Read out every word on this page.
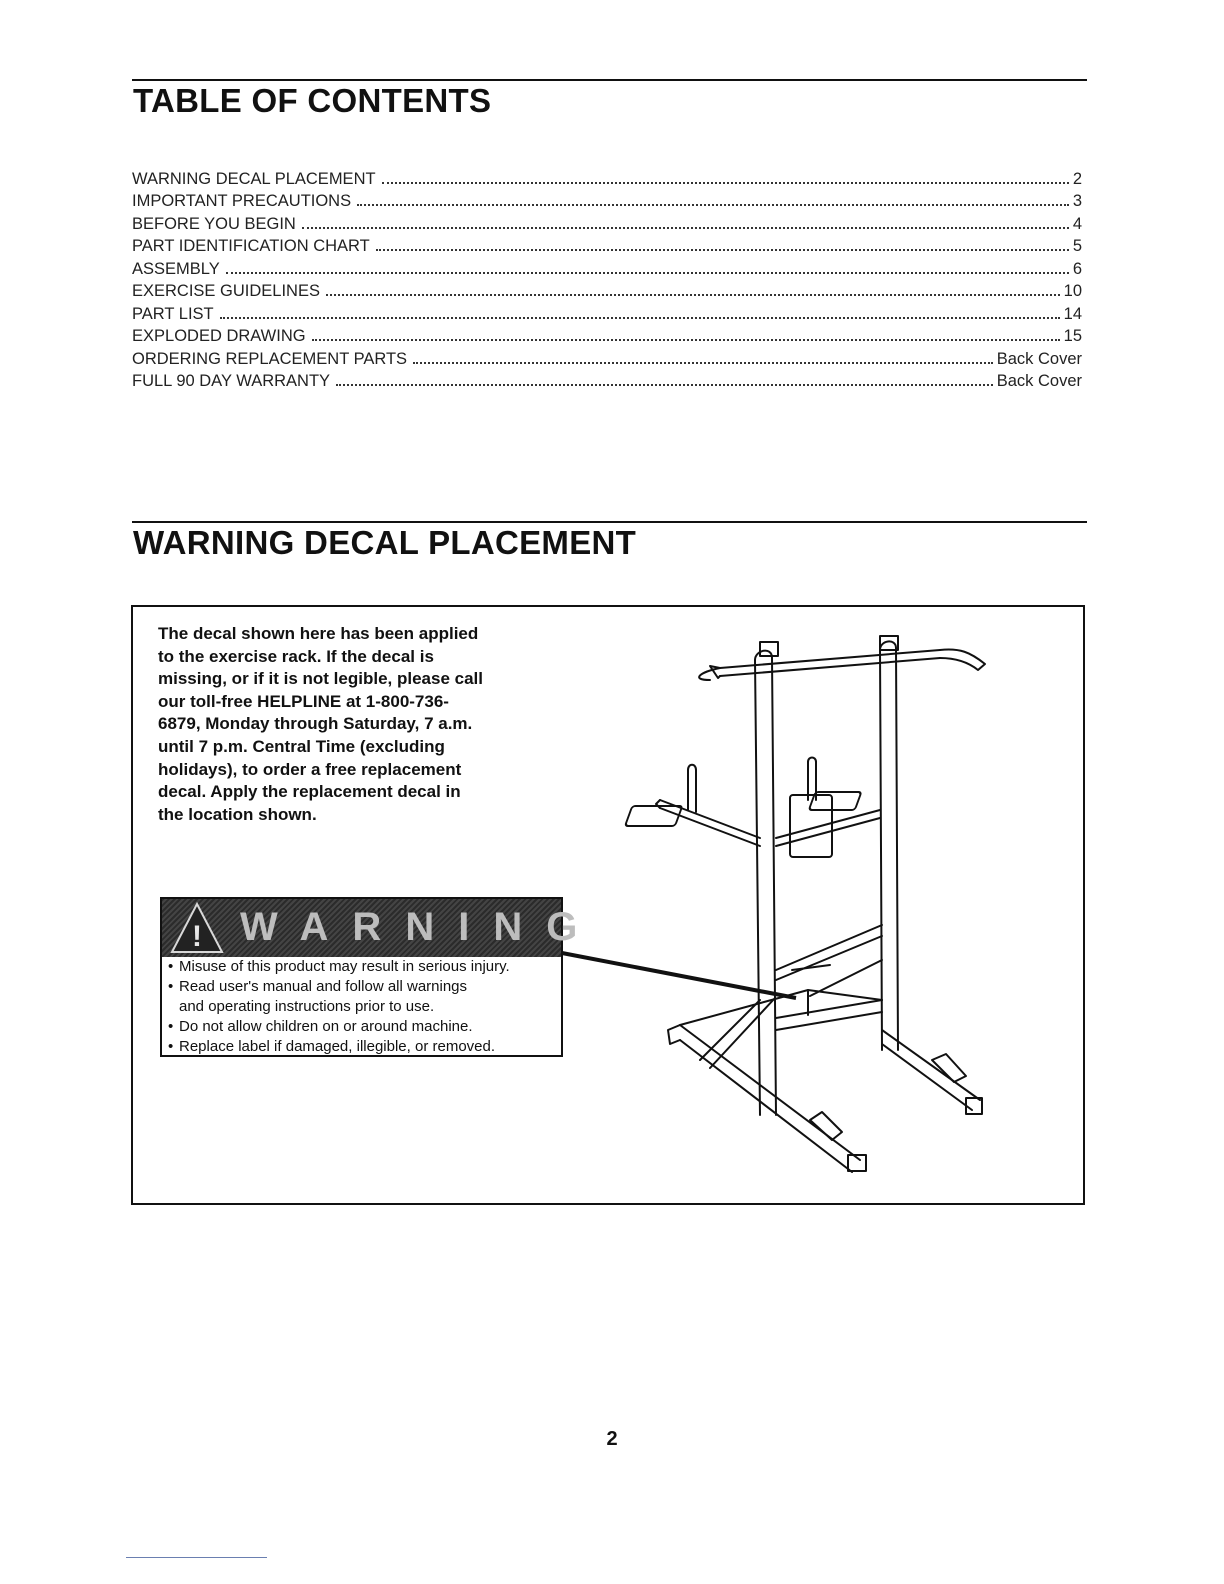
TABLE OF CONTENTS
WARNING DECAL PLACEMENT	2
IMPORTANT PRECAUTIONS	3
BEFORE YOU BEGIN	4
PART IDENTIFICATION CHART	5
ASSEMBLY	6
EXERCISE GUIDELINES	10
PART LIST	14
EXPLODED DRAWING	15
ORDERING REPLACEMENT PARTS	Back Cover
FULL 90 DAY WARRANTY	Back Cover
WARNING DECAL PLACEMENT

The decal shown here has been applied to the exercise rack. If the decal is missing, or if it is not legible, please call our toll-free HELPLINE at 1-800-736-6879, Monday through Saturday, 7 a.m. until 7 p.m. Central Time (excluding holidays), to order a free replacement decal. Apply the replacement decal in the location shown.

! WARNING
• Misuse of this product may result in serious injury.
• Read user's manual and follow all warnings
and operating instructions prior to use.
• Do not allow children on or around machine.
• Replace label if damaged, illegible, or removed.
2
